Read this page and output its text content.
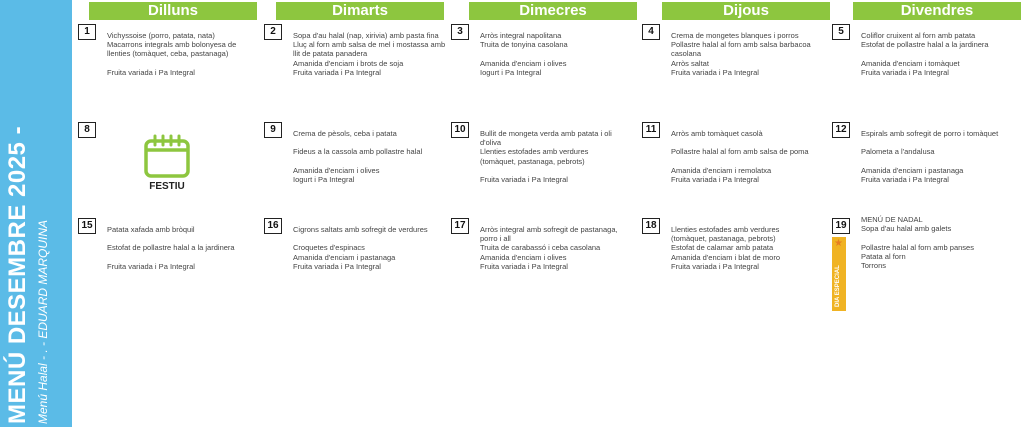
MENÚ DESEMBRE 2025 - Menú Halal - . - EDUARD MARQUINA
Dilluns	Dimarts	Dimecres	Dijous	Divendres
1	Vichyssoise (porro, patata, nata)
Macarrons integrals amb bolonyesa de
llenties (tomàquet, ceba, pastanaga)
Fruita variada i Pa Integral
2	Sopa d'au halal (nap, xirivia) amb pasta fina
Lluç al forn amb salsa de mel i mostassa amb
llit de patata panadera
Amanida d'enciam i brots de soja
Fruita variada i Pa Integral
3	Arròs integral napolitana
Truita de tonyina casolana
Amanida d'enciam i olives
Iogurt i Pa Integral
4	Crema de mongetes blanques i porros
Pollastre halal al forn amb salsa barbacoa
casolana
Arròs saltat
Fruita variada i Pa Integral
5	Coliflor cruixent al forn amb patata
Estofat de pollastre halal a la jardinera
Amanida d'enciam i tomàquet
Fruita variada i Pa Integral
8
FESTIU
9	Crema de pèsols, ceba i patata
Fideus a la cassola amb pollastre halal
Amanida d'enciam i olives
Iogurt i Pa Integral
10	Bullit de mongeta verda amb patata i oli
d'oliva
Llenties estofades amb verdures
(tomàquet, pastanaga, pebrots)
Fruita variada i Pa Integral
11	Arròs amb tomàquet casolà
Pollastre halal al forn amb salsa de poma
Amanida d'enciam i remolatxa
Fruita variada i Pa Integral
12	Espirals amb sofregit de porro i tomàquet
Palometa a l'andalusa
Amanida d'enciam i pastanaga
Fruita variada i Pa Integral
15	Patata xafada amb bròquil
Estofat de pollastre halal a la jardinera
Fruita variada i Pa Integral
16	Cigrons saltats amb sofregit de verdures
Croquetes d'espinacs
Amanida d'enciam i pastanaga
Fruita variada i Pa Integral
17	Arròs integral amb sofregit de pastanaga,
porro i all
Truita de carabassó i ceba casolana
Amanida d'enciam i olives
Fruita variada i Pa Integral
18	Llenties estofades amb verdures
(tomàquet, pastanaga, pebrots)
Estofat de calamar amb patata
Amanida d'enciam i blat de moro
Fruita variada i Pa Integral
19
★
DIA ESPECIAL
MENÚ DE NADAL
Sopa d'au halal amb galets
Pollastre halal al forn amb panses
Patata al forn
Torrons
